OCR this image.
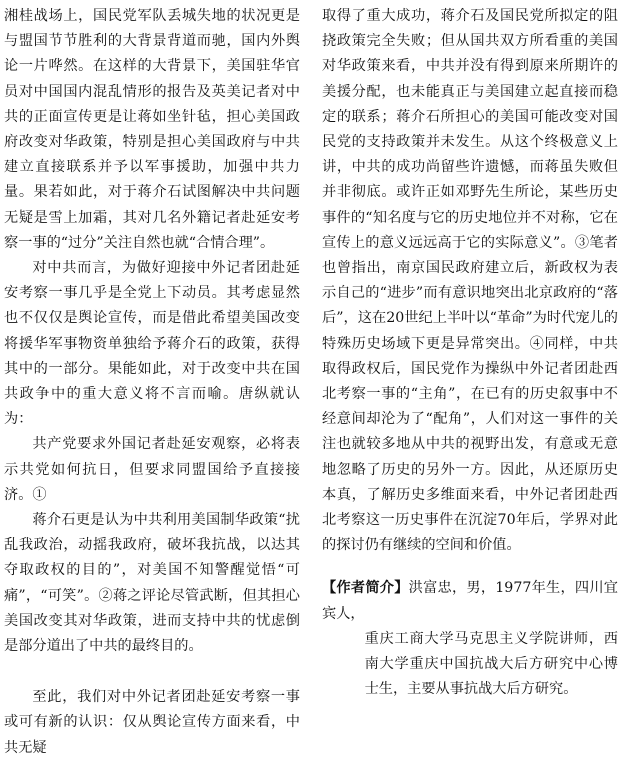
湘桂战场上，国民党军队丢城失地的状况更是与盟国节节胜利的大背景背道而驰，国内外舆论一片哗然。在这样的大背景下，美国驻华官员对中国国内混乱情形的报告及英美记者对中共的正面宣传更是让蒋如坐针毡，担心美国政府改变对华政策，特别是担心美国政府与中共建立直接联系并予以军事援助，加强中共力量。果若如此，对于蒋介石试图解决中共问题无疑是雪上加霜，其对几名外籍记者赴延安考察一事的“过分”关注自然也就“合情合理”。

对中共而言，为做好迎接中外记者团赴延安考察一事几乎是全党上下动员。其考虑显然也不仅仅是舆论宣传，而是借此希望美国改变将援华军事物资单独给予蒋介石的政策，获得其中的一部分。果能如此，对于改变中共在国共政争中的重大意义将不言而喻。唐纵就认为：

共产党要求外国记者赴延安观察，必将表示共党如何抗日，但要求同盟国给予直接接济。①

蒋介石更是认为中共利用美国制华政策“扰乱我政治，动摇我政府，破坏我抗战，以达其夺取政权的目的”，对美国不知警醒觉悟“可痛”，“可笑”。②蒋之评论尽管武断，但其担心美国改变其对华政策，进而支持中共的忧虑倒是部分道出了中共的最终目的。

至此，我们对中外记者团赴延安考察一事或可有新的认识：仅从舆论宣传方面来看，中共无疑

取得了重大成功，蒋介石及国民党所拟定的阻挠政策完全失败；但从国共双方所看重的美国对华政策来看，中共并没有得到原来所期许的美援分配，也未能真正与美国建立起直接而稳定的联系；蒋介石所担心的美国可能改变对国民党的支持政策并未发生。从这个终极意义上讲，中共的成功尚留些许遗憾，而蒋虽失败但并非彻底。或许正如邓野先生所论，某些历史事件的“知名度与它的历史地位并不对称，它在宣传上的意义远远高于它的实际意义”。③笔者也曾指出，南京国民政府建立后，新政权为表示自己的“进步”而有意识地突出北京政府的“落后”，这在20世纪上半叶以“革命”为时代宠儿的特殊历史场域下更是异常突出。④同样，中共取得政权后，国民党作为操纵中外记者团赴西北考察一事的“主角”，在已有的历史叙事中不经意间却沦为了“配角”，人们对这一事件的关注也就较多地从中共的视野出发，有意或无意地忽略了历史的另外一方。因此，从还原历史本真，了解历史多维面来看，中外记者团赴西北考察这一历史事件在沉淀70年后，学界对此的探讨仍有继续的空间和价值。

【作者简介】洪富忠，男，1977年生，四川宜宾人，

重庆工商大学马克思主义学院讲师，西南大学重庆中国抗战大后方研究中心博士生，主要从事抗战大后方研究。
